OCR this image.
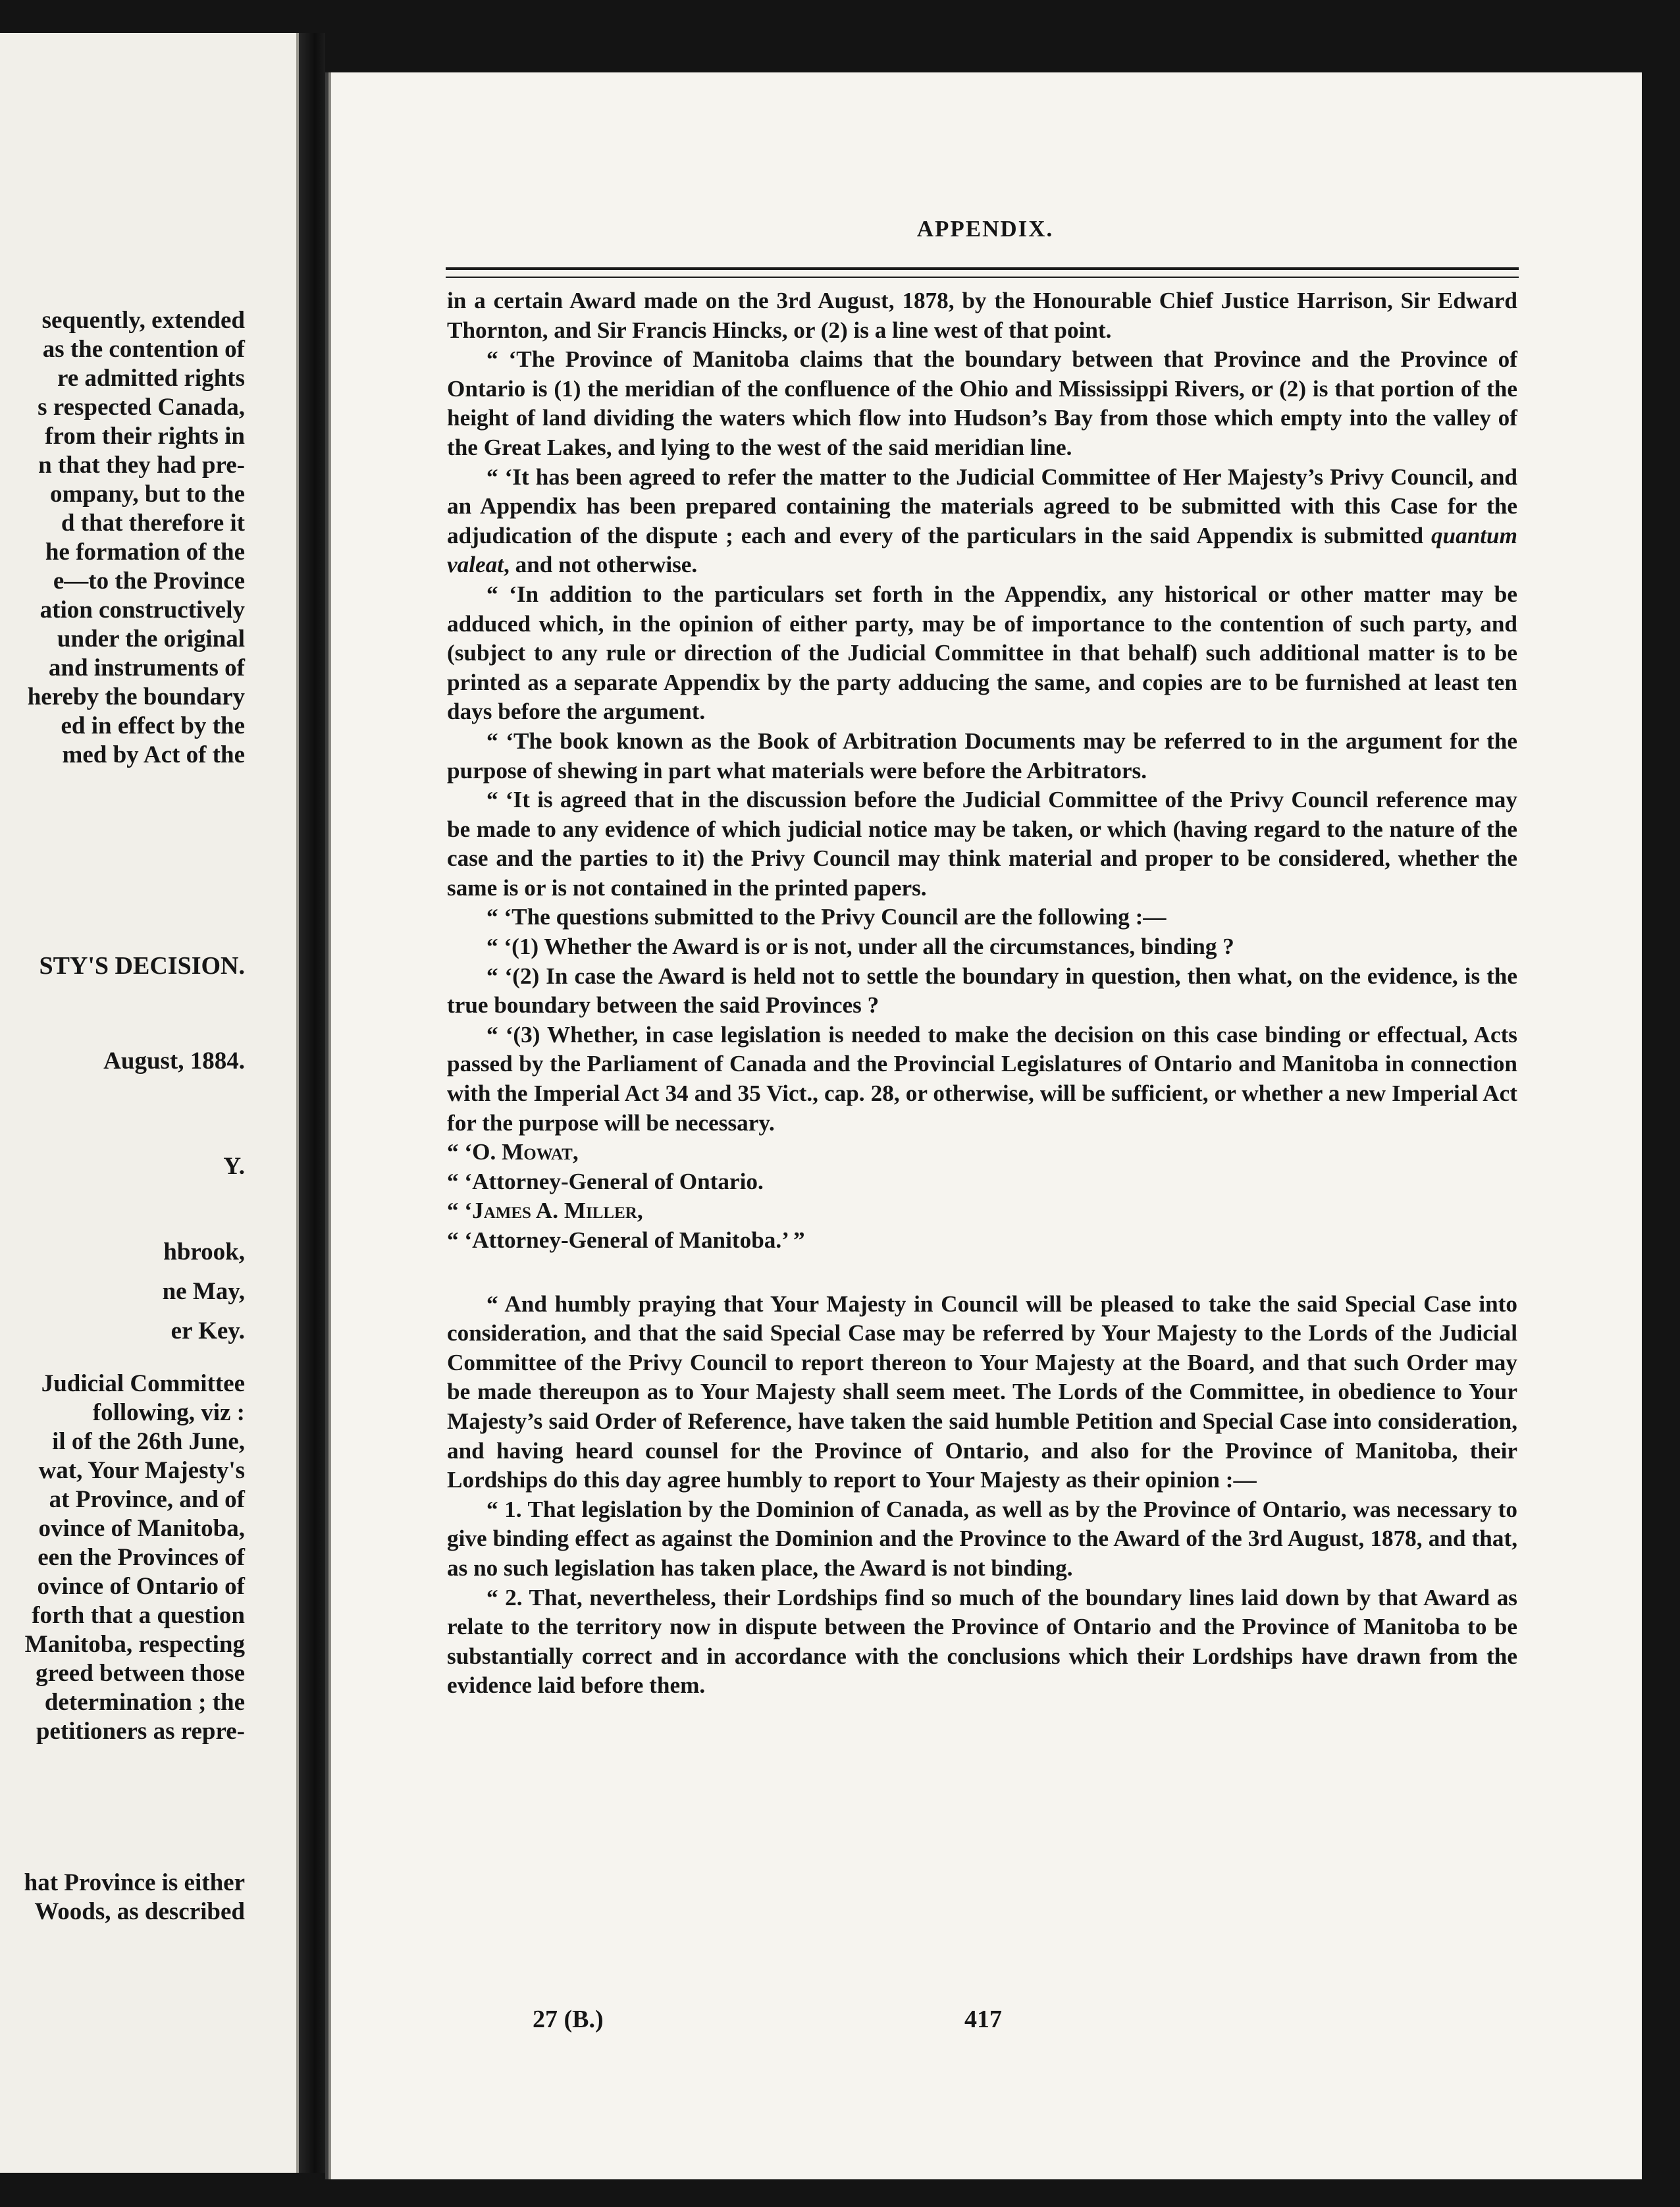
sequently, extended
as the contention of
re admitted rights
s respected Canada,
from their rights in
n that they had pre-
ompany, but to the
d that therefore it
he formation of the
e—to the Province
ation constructively
under the original
and instruments of
hereby the boundary
ed in effect by the
med by Act of the
STY'S DECISION.
August, 1884.
Y.
hbrook,
ne May,
er Key.
Judicial Committee
following, viz :
il of the 26th June,
wat, Your Majesty's
at Province, and of
ovince of Manitoba,
een the Provinces of
ovince of Ontario of
forth that a question
Manitoba, respecting
greed between those
determination ; the
petitioners as repre-
hat Province is either
Woods, as described
APPENDIX.

in a certain Award made on the 3rd August, 1878, by the Honourable Chief Justice Harrison, Sir Edward Thornton, and Sir Francis Hincks, or (2) is a line west of that point.

“ ‘The Province of Manitoba claims that the boundary between that Province and the Province of Ontario is (1) the meridian of the confluence of the Ohio and Mississippi Rivers, or (2) is that portion of the height of land dividing the waters which flow into Hudson’s Bay from those which empty into the valley of the Great Lakes, and lying to the west of the said meridian line.

“ ‘It has been agreed to refer the matter to the Judicial Committee of Her Majesty’s Privy Council, and an Appendix has been prepared containing the materials agreed to be submitted with this Case for the adjudication of the dispute ; each and every of the particulars in the said Appendix is submitted quantum valeat, and not otherwise.

“ ‘In addition to the particulars set forth in the Appendix, any historical or other matter may be adduced which, in the opinion of either party, may be of importance to the contention of such party, and (subject to any rule or direction of the Judicial Committee in that behalf) such additional matter is to be printed as a separate Appendix by the party adducing the same, and copies are to be furnished at least ten days before the argument.

“ ‘The book known as the Book of Arbitration Documents may be referred to in the argument for the purpose of shewing in part what materials were before the Arbitrators.

“ ‘It is agreed that in the discussion before the Judicial Committee of the Privy Council reference may be made to any evidence of which judicial notice may be taken, or which (having regard to the nature of the case and the parties to it) the Privy Council may think material and proper to be considered, whether the same is or is not contained in the printed papers.

“ ‘The questions submitted to the Privy Council are the following :—

“ ‘(1) Whether the Award is or is not, under all the circumstances, binding ?

“ ‘(2) In case the Award is held not to settle the boundary in question, then what, on the evidence, is the true boundary between the said Provinces ?

“ ‘(3) Whether, in case legislation is needed to make the decision on this case binding or effectual, Acts passed by the Parliament of Canada and the Provincial Legislatures of Ontario and Manitoba in connection with the Imperial Act 34 and 35 Vict., cap. 28, or otherwise, will be sufficient, or whether a new Imperial Act for the purpose will be necessary.

“ ‘O. Mowat,

“ ‘Attorney-General of Ontario.

“ ‘James A. Miller,

“ ‘Attorney-General of Manitoba.’ ”

“ And humbly praying that Your Majesty in Council will be pleased to take the said Special Case into consideration, and that the said Special Case may be referred by Your Majesty to the Lords of the Judicial Committee of the Privy Council to report thereon to Your Majesty at the Board, and that such Order may be made thereupon as to Your Majesty shall seem meet. The Lords of the Committee, in obedience to Your Majesty’s said Order of Reference, have taken the said humble Petition and Special Case into consideration, and having heard counsel for the Province of Ontario, and also for the Province of Manitoba, their Lordships do this day agree humbly to report to Your Majesty as their opinion :—

“ 1. That legislation by the Dominion of Canada, as well as by the Province of Ontario, was necessary to give binding effect as against the Dominion and the Province to the Award of the 3rd August, 1878, and that, as no such legislation has taken place, the Award is not binding.

“ 2. That, nevertheless, their Lordships find so much of the boundary lines laid down by that Award as relate to the territory now in dispute between the Province of Ontario and the Province of Manitoba to be substantially correct and in accordance with the conclusions which their Lordships have drawn from the evidence laid before them.

27 (B.)	417
